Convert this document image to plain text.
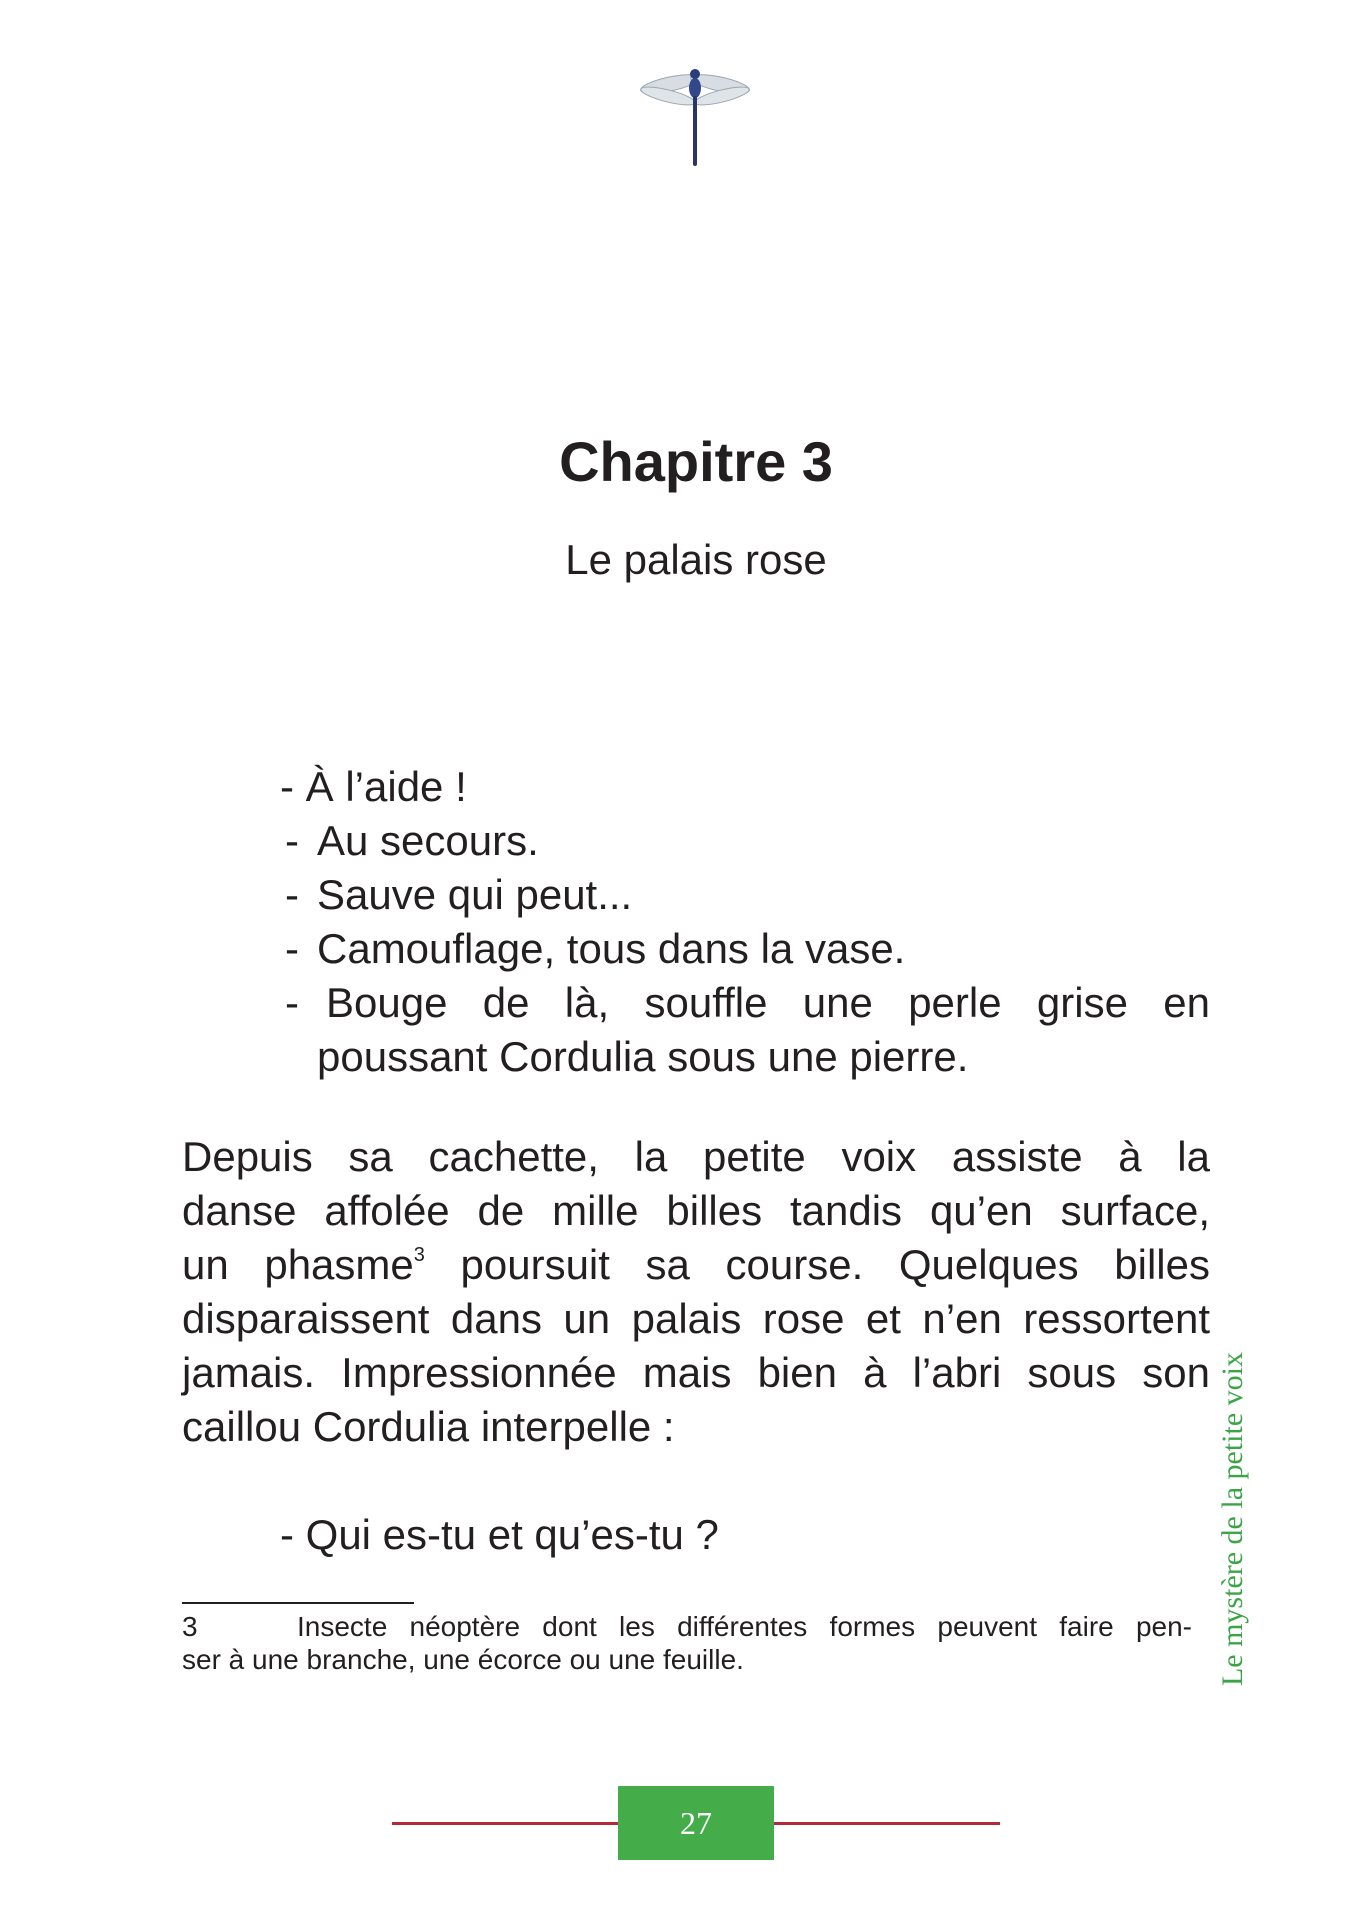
Chapitre 3
Le palais rose
- À l’aide !
- Au secours.
- Sauve qui peut...
- Camouflage, tous dans la vase.
- Bouge de là, souffle une perle grise en
poussant Cordulia sous une pierre.
Depuis sa cachette, la petite voix assiste à la
danse affolée de mille billes tandis qu’en surface,
un phasme$^3$ poursuit sa course. Quelques billes
disparaissent dans un palais rose et n’en ressortent
jamais. Impressionnée mais bien à l’abri sous son
caillou Cordulia interpelle :
- Qui es-tu et qu’es-tu ?
3	Insecte néoptère dont les différentes formes peuvent faire pen-
ser à une branche, une écorce ou une feuille.	Le mystère de la petite voix
27
